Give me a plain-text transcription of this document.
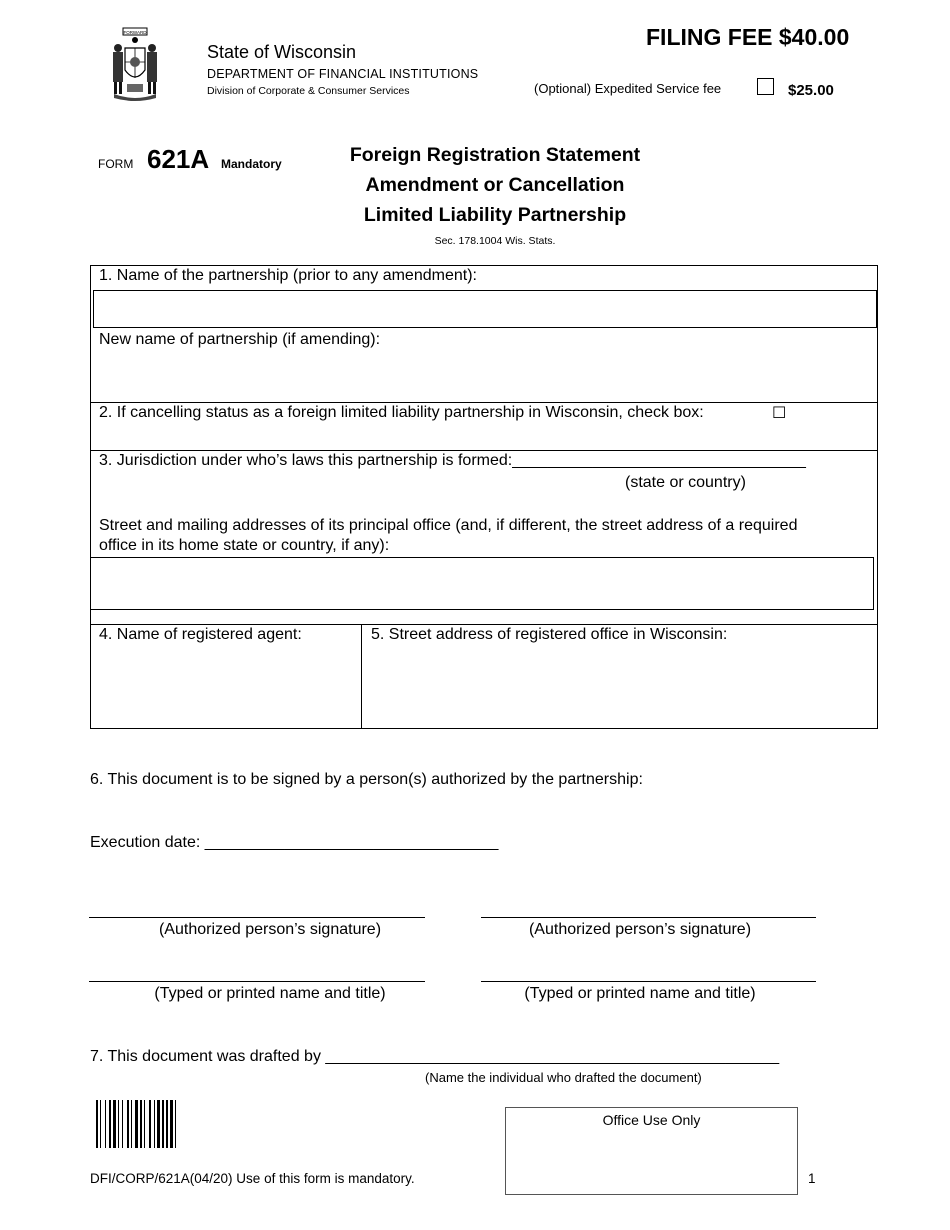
FORWARD
State of Wisconsin
DEPARTMENT OF FINANCIAL INSTITUTIONS
Division of Corporate & Consumer Services
FILING FEE $40.00
(Optional) Expedited Service fee	$25.00
FORM 621A Mandatory	Foreign Registration Statement
Amendment or Cancellation
Limited Liability Partnership
Sec. 178.1004 Wis. Stats.
1. Name of the partnership (prior to any amendment):
New name of partnership (if amending):
2. If cancelling status as a foreign limited liability partnership in Wisconsin, check box:	☐
3. Jurisdiction under who’s laws this partnership is formed:_________________________________
(state or country)
Street and mailing addresses of its principal office (and, if different, the street address of a required
office in its home state or country, if any):
4. Name of registered agent:	5. Street address of registered office in Wisconsin:
6. This document is to be signed by a person(s) authorized by the partnership:
Execution date: _________________________________
(Authorized person’s signature)	(Authorized person’s signature)
(Typed or printed name and title)	(Typed or printed name and title)
7. This document was drafted by ___________________________________________________
(Name the individual who drafted the document)
Office Use Only
DFI/CORP/621A(04/20) Use of this form is mandatory.	1
